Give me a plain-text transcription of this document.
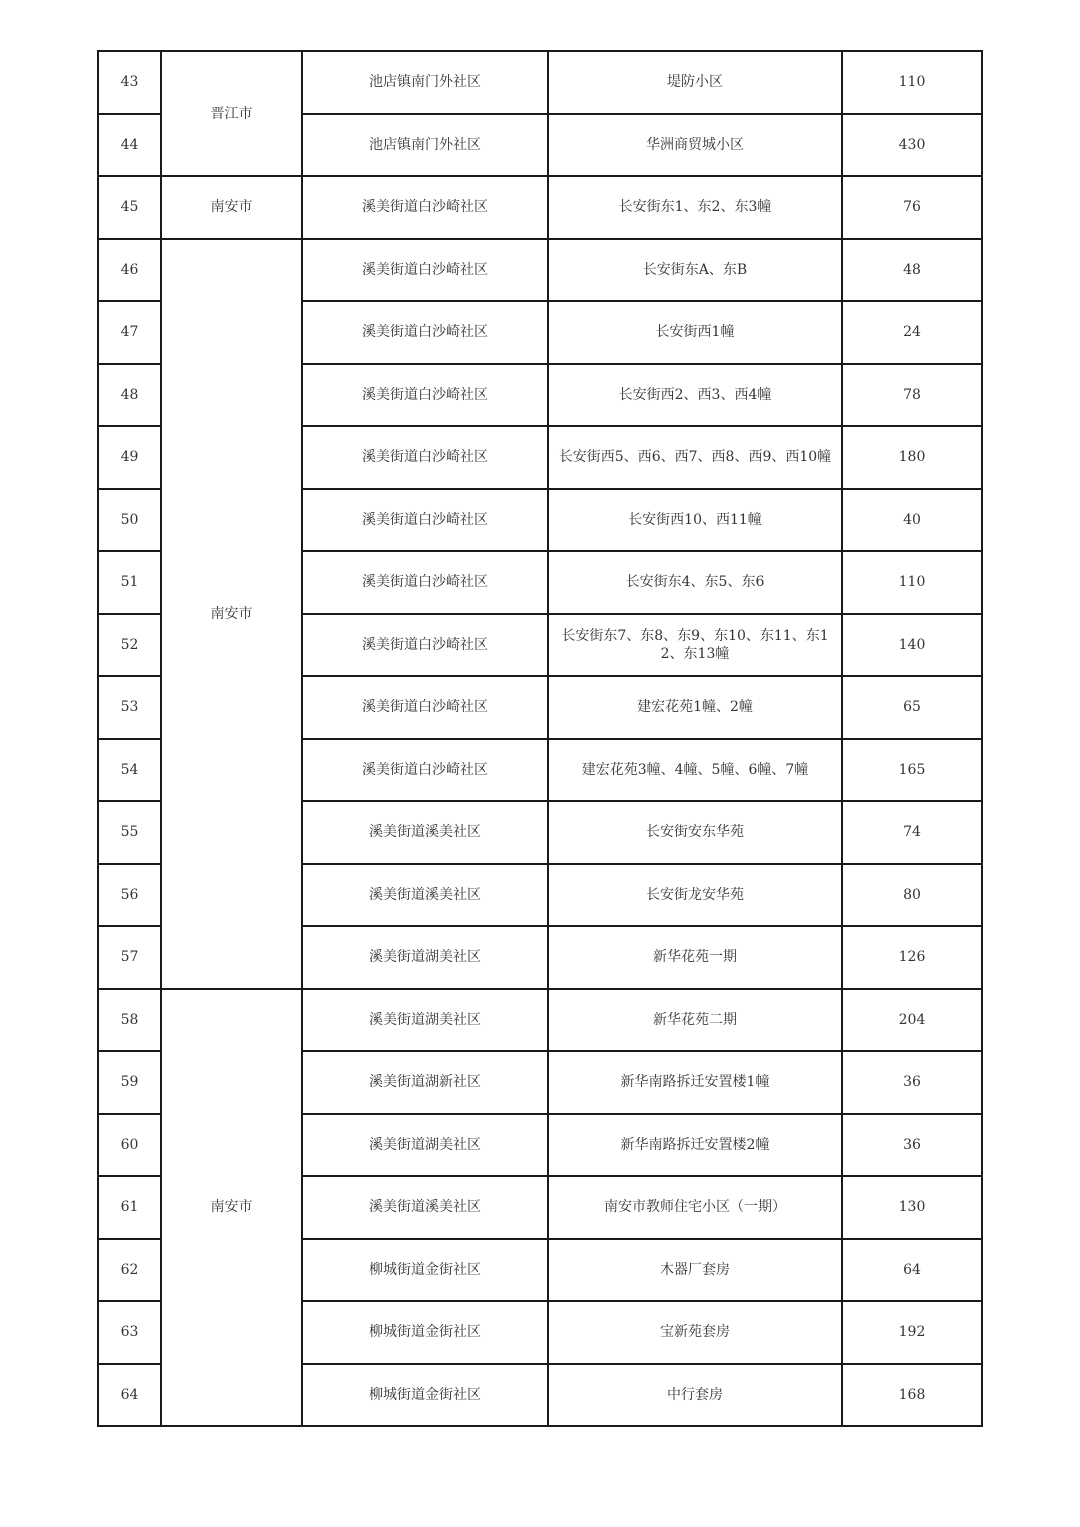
43	晋江市	池店镇南门外社区	堤防小区	110
44		池店镇南门外社区	华洲商贸城小区	430
45	南安市	溪美街道白沙崎社区	长安街东1、东2、东3幢	76
46	南安市	溪美街道白沙崎社区	长安街东A、东B	48
47		溪美街道白沙崎社区	长安街西1幢	24
48		溪美街道白沙崎社区	长安街西2、西3、西4幢	78
49		溪美街道白沙崎社区	长安街西5、西6、西7、西8、西9、西10幢	180
50		溪美街道白沙崎社区	长安街西10、西11幢	40
51		溪美街道白沙崎社区	长安街东4、东5、东6	110
52		溪美街道白沙崎社区	长安街东7、东8、东9、东10、东11、东12、东13幢	140
53		溪美街道白沙崎社区	建宏花苑1幢、2幢	65
54		溪美街道白沙崎社区	建宏花苑3幢、4幢、5幢、6幢、7幢	165
55		溪美街道溪美社区	长安街安东华苑	74
56		溪美街道溪美社区	长安街龙安华苑	80
57		溪美街道湖美社区	新华花苑一期	126
58	南安市	溪美街道湖美社区	新华花苑二期	204
59		溪美街道湖新社区	新华南路拆迁安置楼1幢	36
60		溪美街道湖美社区	新华南路拆迁安置楼2幢	36
61		溪美街道溪美社区	南安市教师住宅小区（一期）	130
62		柳城街道金街社区	木器厂套房	64
63		柳城街道金街社区	宝新苑套房	192
64		柳城街道金街社区	中行套房	168
